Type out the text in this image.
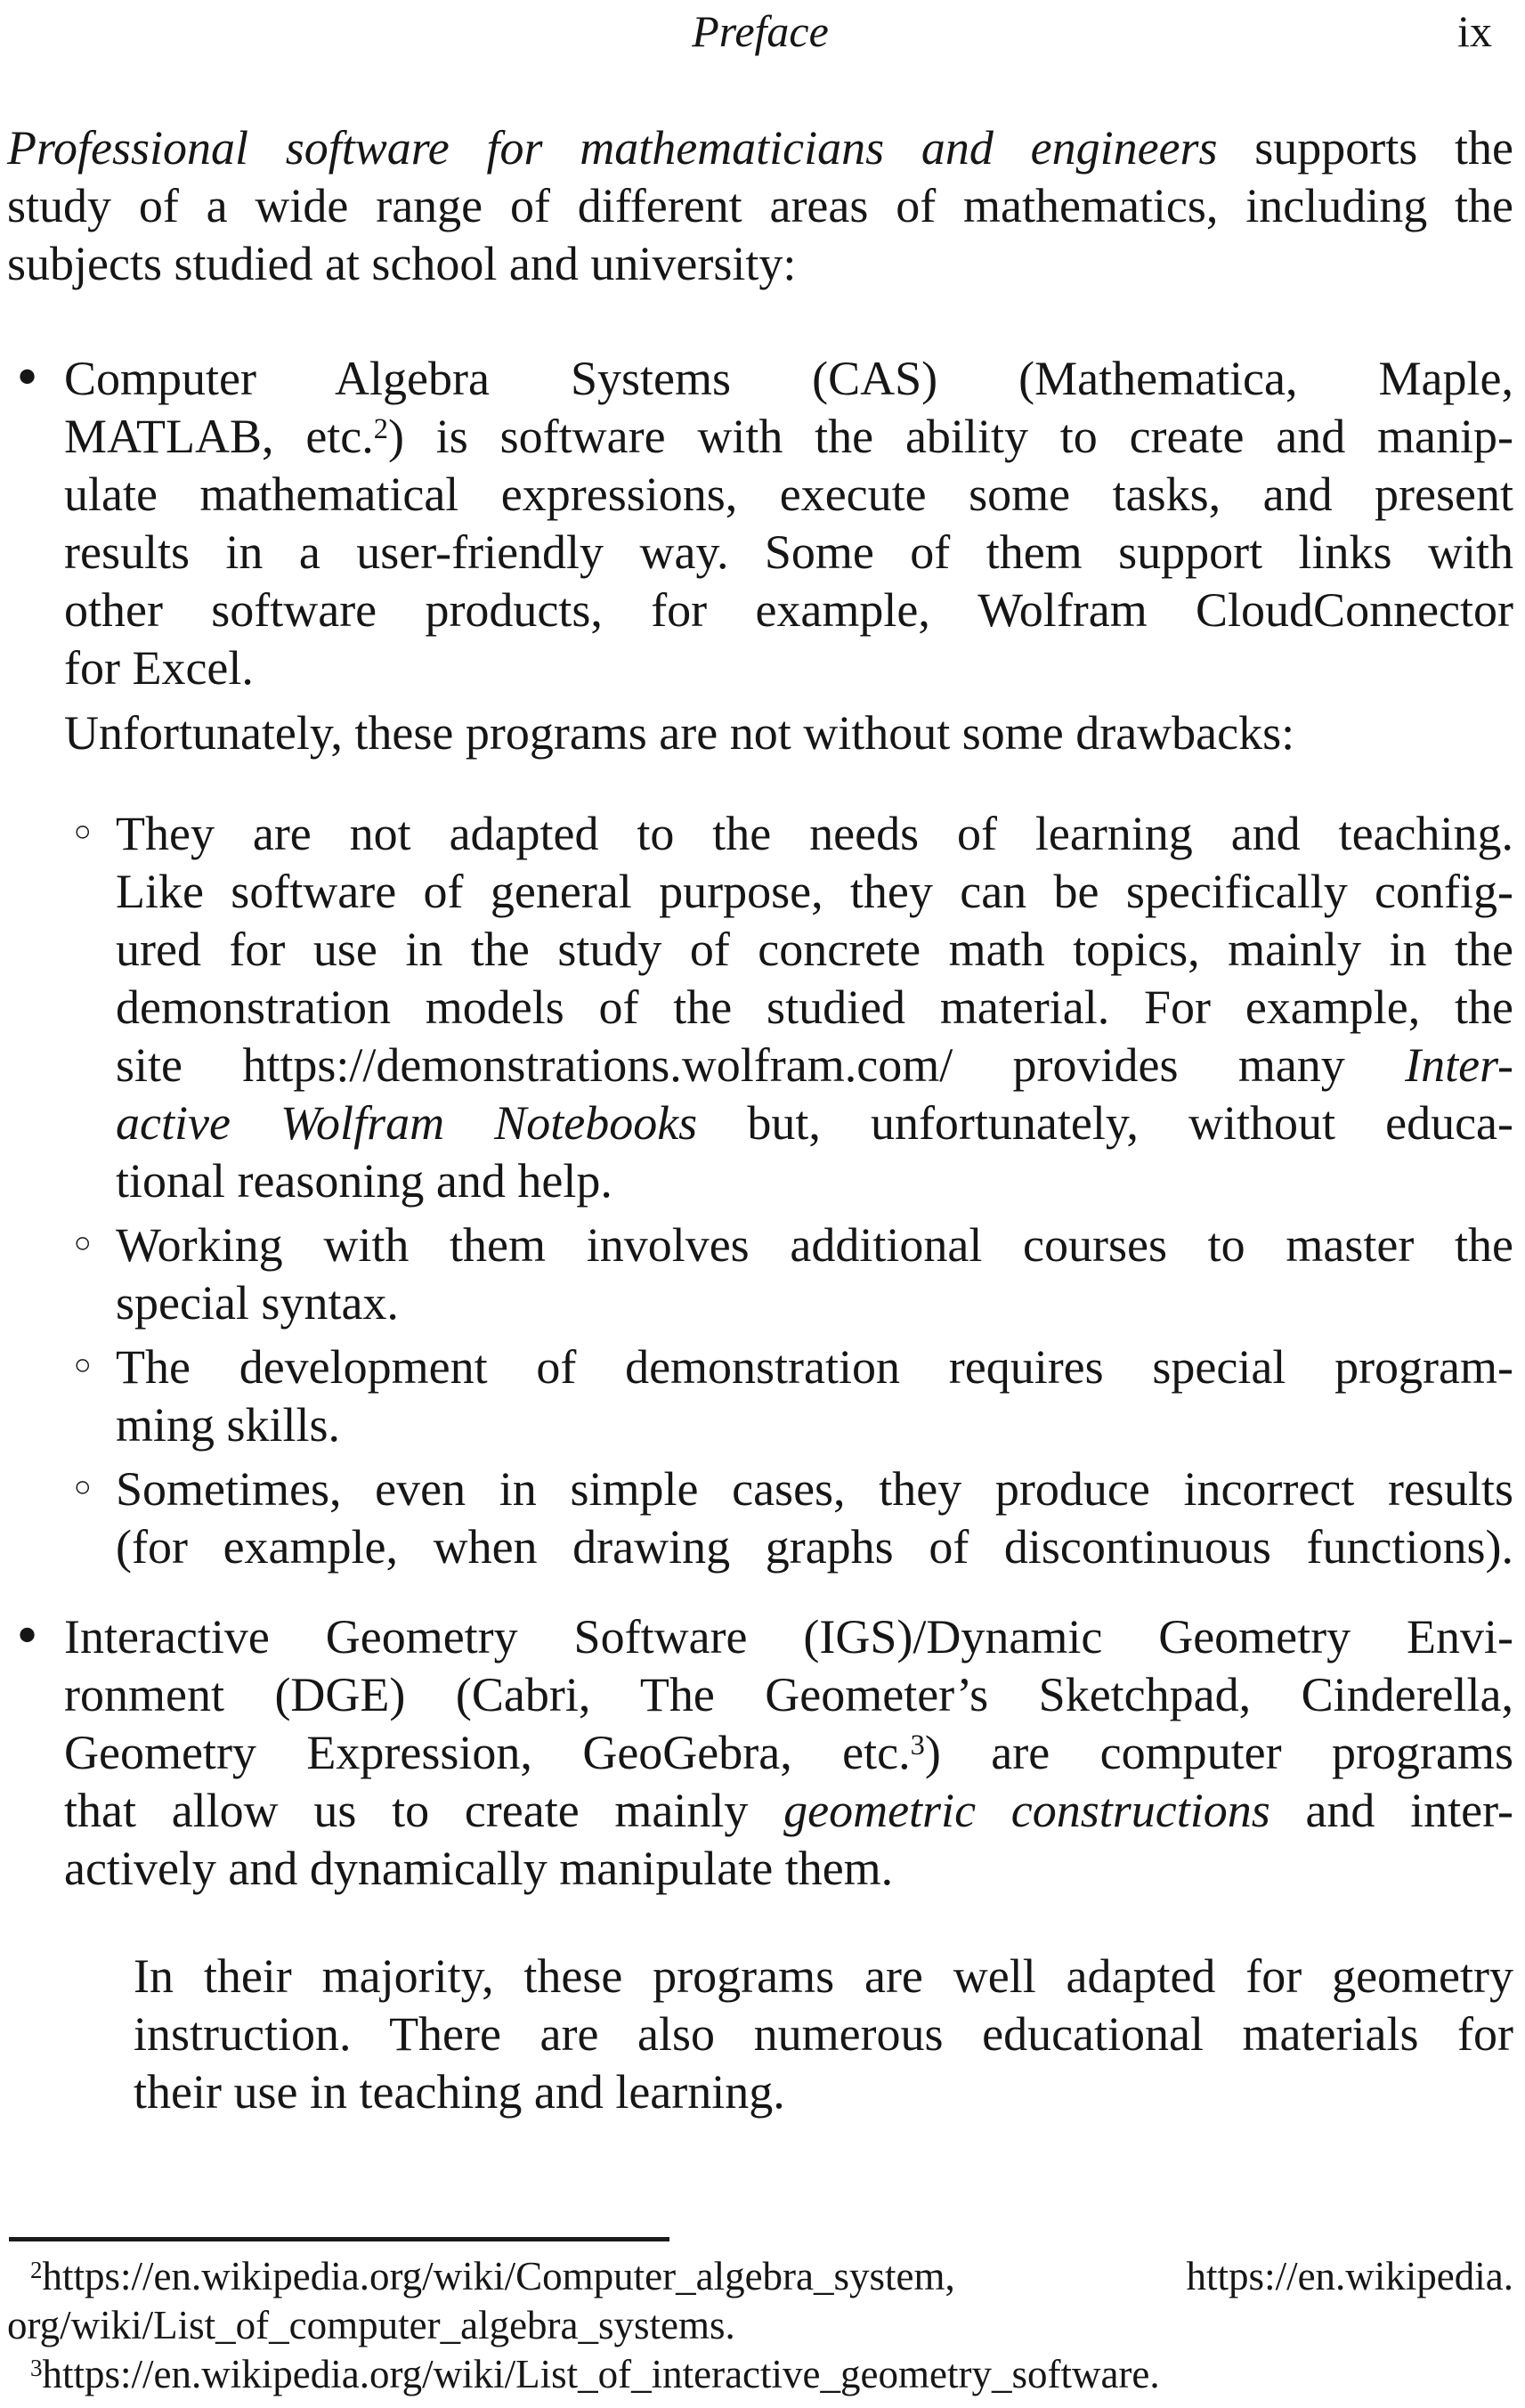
Preface	ix
Professional software for mathematicians and engineers supports the
study of a wide range of different areas of mathematics, including the
subjects studied at school and university:
• Computer Algebra Systems (CAS) (Mathematica, Maple,
MATLAB, etc.$^2$) is software with the ability to create and manip-
ulate mathematical expressions, execute some tasks, and present
results in a user-friendly way. Some of them support links with
other software products, for example, Wolfram CloudConnector
for Excel.
Unfortunately, these programs are not without some drawbacks:
◦ They are not adapted to the needs of learning and teaching.
Like software of general purpose, they can be specifically config-
ured for use in the study of concrete math topics, mainly in the
demonstration models of the studied material. For example, the
site https://demonstrations.wolfram.com/ provides many Inter-
active Wolfram Notebooks but, unfortunately, without educa-
tional reasoning and help.
◦ Working with them involves additional courses to master the
special syntax.
◦ The development of demonstration requires special program-
ming skills.
◦ Sometimes, even in simple cases, they produce incorrect results
(for example, when drawing graphs of discontinuous functions).
• Interactive Geometry Software (IGS)/Dynamic Geometry Envi-
ronment (DGE) (Cabri, The Geometer’s Sketchpad, Cinderella,
Geometry Expression, GeoGebra, etc.$^3$) are computer programs
that allow us to create mainly geometric constructions and inter-
actively and dynamically manipulate them.
In their majority, these programs are well adapted for geometry
instruction. There are also numerous educational materials for
their use in teaching and learning.
$^2$https://en.wikipedia.org/wiki/Computer_algebra_system, https://en.wikipedia.
org/wiki/List_of_computer_algebra_systems.
$^3$https://en.wikipedia.org/wiki/List_of_interactive_geometry_software.
